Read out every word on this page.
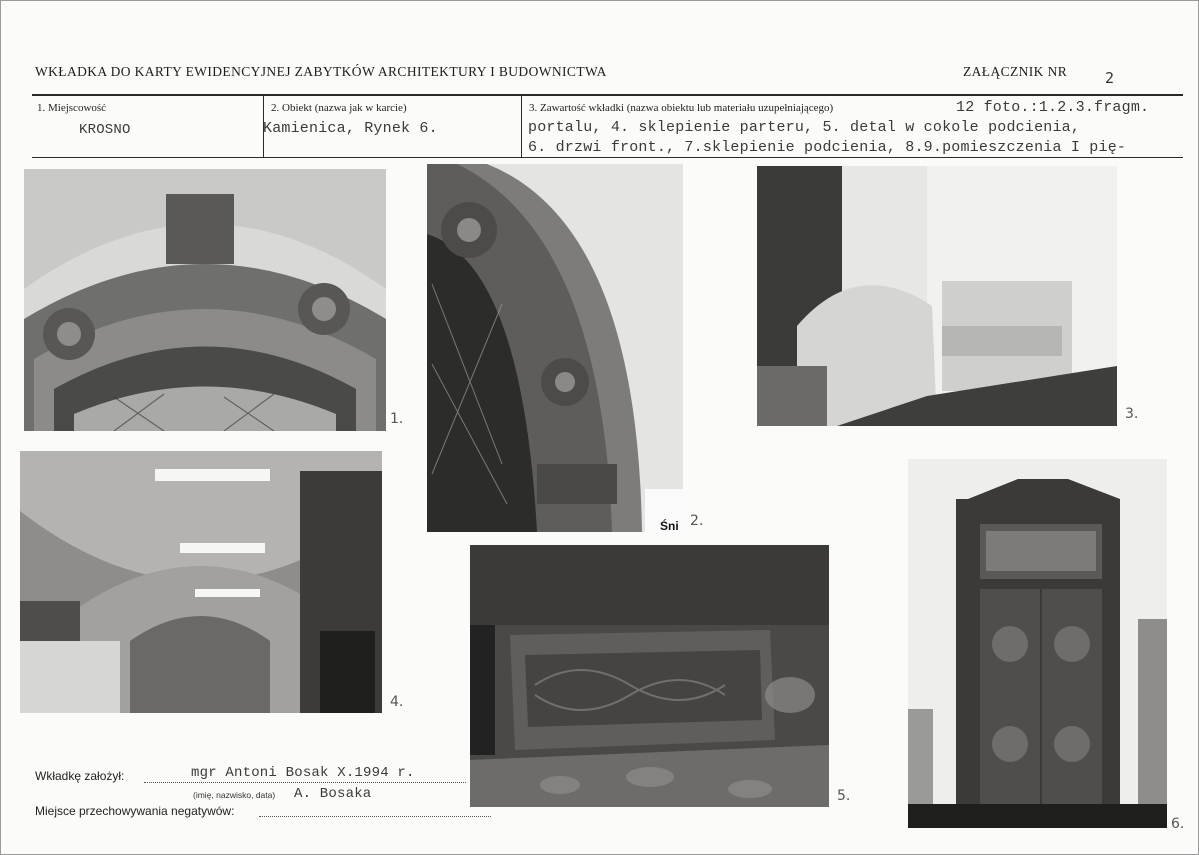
WKŁADKA DO KARTY EWIDENCYJNEJ ZABYTKÓW ARCHITEKTURY I BUDOWNICTWA	ZAŁĄCZNIK NR	2
1. Miejscowość
KROSNO
2. Obiekt (nazwa jak w karcie)
Kamienica, Rynek 6.
3. Zawartość wkładki (nazwa obiektu lub materiału uzupełniającego)	12 foto.:1.2.3.fragm.
portalu, 4. sklepienie parteru, 5. detal w cokole podcienia,
6. drzwi front., 7.sklepienie podcienia, 8.9.pomieszczenia I pię-
1.
Śni 2.
3.
4.
5.
6.
Wkładkę założył:	mgr Antoni Bosak X.1994 r.
(imię, nazwisko, data) A. Bosaka
Miejsce przechowywania negatywów:
